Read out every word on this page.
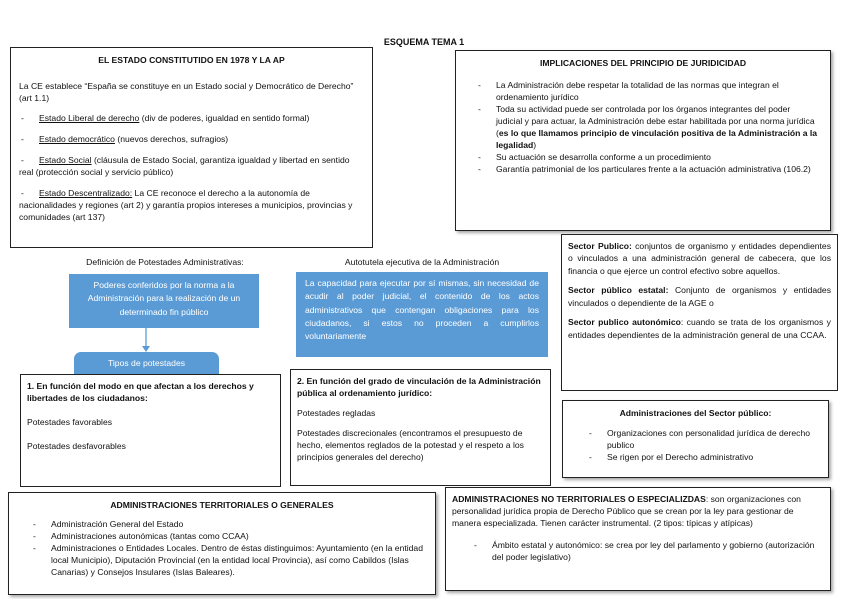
ESQUEMA TEMA 1
EL ESTADO CONSTITUTIDO EN 1978 Y LA AP

La CE establece “España se constituye en un Estado social y Democrático de Derecho” (art 1.1)

- Estado Liberal de derecho (div de poderes, igualdad en sentido formal)
- Estado democrático (nuevos derechos, sufragios)
- Estado Social (cláusula de Estado Social, garantiza igualdad y libertad en sentido real (protección social y servicio público)
- Estado Descentralizado: La CE reconoce el derecho a la autonomía de nacionalidades y regiones (art 2) y garantía propios intereses a municipios, provincias y comunidades (art 137)
IMPLICACIONES DEL PRINCIPIO DE JURIDICIDAD
- La Administración debe respetar la totalidad de las normas que integran el ordenamiento jurídico
- Toda su actividad puede ser controlada por los órganos integrantes del poder judicial y para actuar, la Administración debe estar habilitada por una norma jurídica (es lo que llamamos principio de vinculación positiva de la Administración a la legalidad)
- Su actuación se desarrolla conforme a un procedimiento
- Garantía patrimonial de los particulares frente a la actuación administrativa (106.2)
Definición de Potestades Administrativas:
Poderes conferidos por la norma a la Administración para la realización de un determinado fin público
Tipos de potestades
Autotutela ejecutiva de la Administración
La capacidad para ejecutar por sí mismas, sin necesidad de acudir al poder judicial, el contenido de los actos administrativos que contengan obligaciones para los ciudadanos, si estos no proceden a cumplirlos voluntariamente

Sector Publico: conjuntos de organismo y entidades dependientes o vinculados a una administración general de cabecera, que los financia o que ejerce un control efectivo sobre aquellos.

Sector público estatal: Conjunto de organismos y entidades vinculados o dependiente de la AGE o

Sector publico autonómico: cuando se trata de los organismos y entidades dependientes de la administración general de una CCAA.

1. En función del modo en que afectan a los derechos y libertades de los ciudadanos:

Potestades favorables

Potestades desfavorables

2. En función del grado de vinculación de la Administración pública al ordenamiento jurídico:

Potestades regladas

Potestades discrecionales (encontramos el presupuesto de hecho, elementos reglados de la potestad y el respeto a los principios generales del derecho)

Administraciones del Sector público:
- Organizaciones con personalidad jurídica de derecho publico
- Se rigen por el Derecho administrativo
ADMINISTRACIONES TERRITORIALES O GENERALES
- Administración General del Estado
- Administraciones autonómicas (tantas como CCAA)
- Administraciones o Entidades Locales. Dentro de éstas distinguimos: Ayuntamiento (en la entidad local Municipio), Diputación Provincial (en la entidad local Provincia), así como Cabildos (Islas Canarias) y Consejos Insulares (Islas Baleares).

ADMINISTRACIONES NO TERRITORIALES O ESPECIALIZDAS: son organizaciones con personalidad jurídica propia de Derecho Público que se crean por la ley para gestionar de manera especializada. Tienen carácter instrumental. (2 tipos: típicas y atípicas)

- Ámbito estatal y autonómico: se crea por ley del parlamento y gobierno (autorización del poder legislativo)
